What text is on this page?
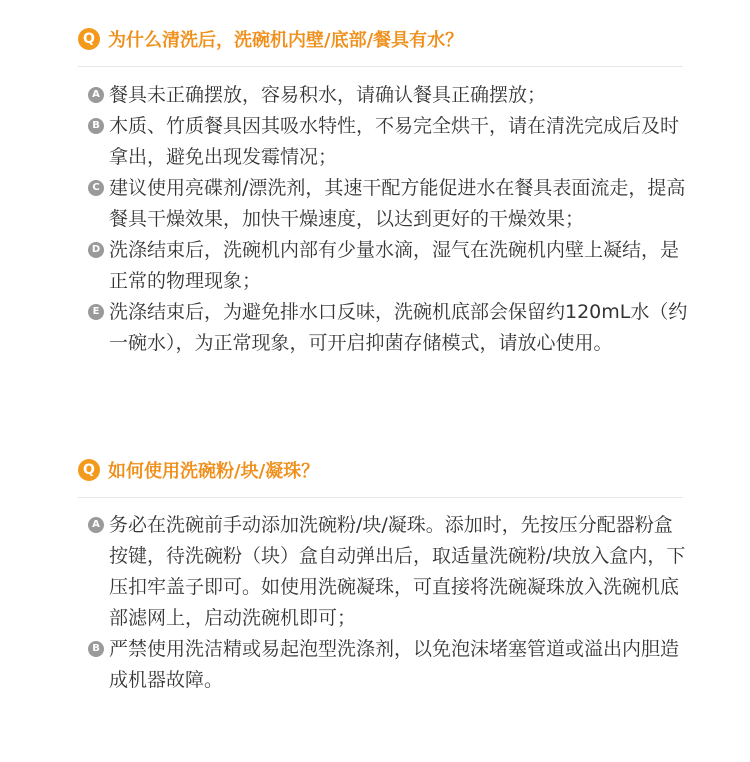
Q 为什么清洗后，洗碗机内壁/底部/餐具有水？
A 餐具未正确摆放，容易积水，请确认餐具正确摆放；
B 木质、竹质餐具因其吸水特性，不易完全烘干，请在清洗完成后及时拿出，避免出现发霉情况；
C 建议使用亮碟剂/漂洗剂，其速干配方能促进水在餐具表面流走，提高餐具干燥效果，加快干燥速度，以达到更好的干燥效果；
D 洗涤结束后，洗碗机内部有少量水滴，湿气在洗碗机内壁上凝结，是正常的物理现象；
E 洗涤结束后，为避免排水口反味，洗碗机底部会保留约120mL水（约一碗水），为正常现象，可开启抑菌存储模式，请放心使用。
Q 如何使用洗碗粉/块/凝珠？
A 务必在洗碗前手动添加洗碗粉/块/凝珠。添加时，先按压分配器粉盒按键，待洗碗粉（块）盒自动弹出后，取适量洗碗粉/块放入盒内，下压扣牢盖子即可。如使用洗碗凝珠，可直接将洗碗凝珠放入洗碗机底部滤网上，启动洗碗机即可；
B 严禁使用洗洁精或易起泡型洗涤剂，以免泡沫堵塞管道或溢出内胆造成机器故障。
